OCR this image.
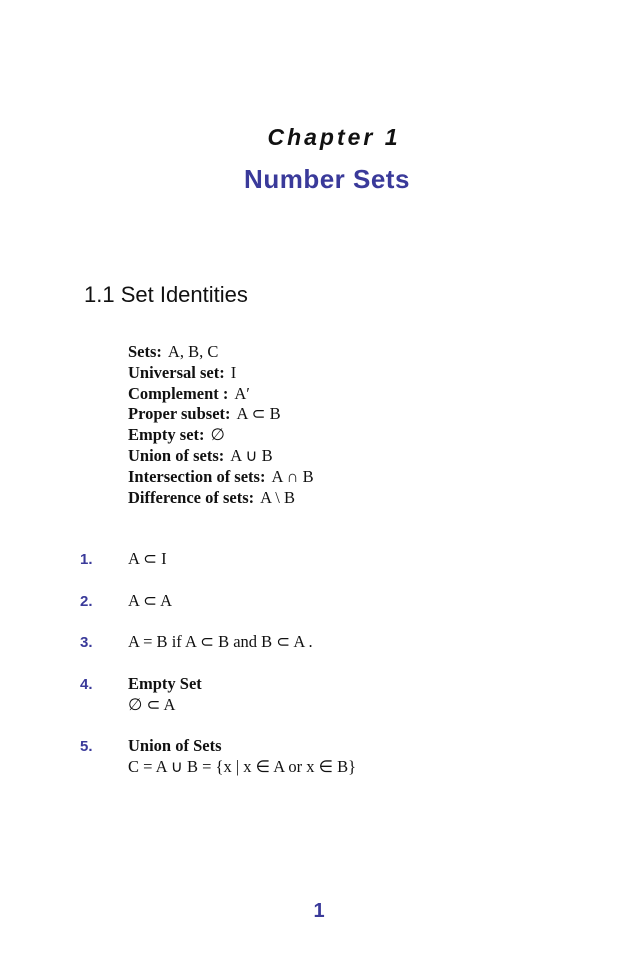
Chapter 1
Number Sets
1.1 Set Identities
Sets: A, B, C
Universal set: I
Complement : A′
Proper subset: A ⊂ B
Empty set: ∅
Union of sets: A ∪ B
Intersection of sets: A ∩ B
Difference of sets: A \ B
1. A ⊂ I
2. A ⊂ A
3. A = B if A ⊂ B and B ⊂ A .
4. Empty Set
∅ ⊂ A
5. Union of Sets
C = A ∪ B = {x | x ∈ A or x ∈ B}
1
